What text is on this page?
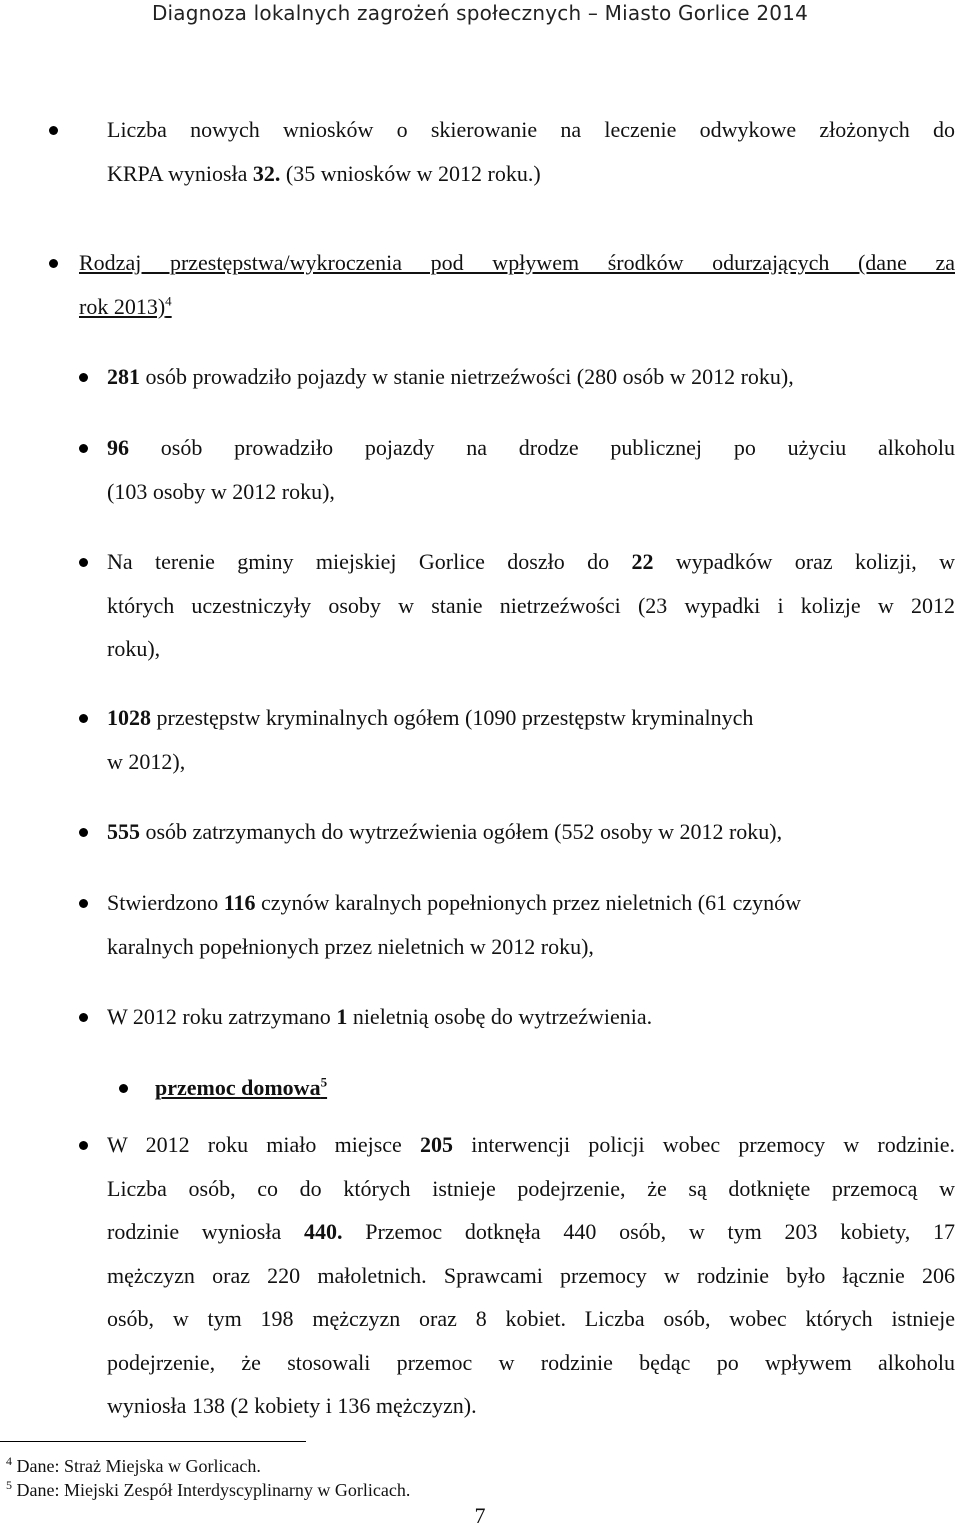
Diagnoza lokalnych zagrożeń społecznych – Miasto Gorlice 2014
Liczba nowych wniosków o skierowanie na leczenie odwykowe złożonych do
KRPA wyniosła 32. (35 wniosków w 2012 roku.)
Rodzaj przestępstwa/wykroczenia pod wpływem środków odurzających (dane za
rok 2013)$^4$
281 osób prowadziło pojazdy w stanie nietrzeźwości (280 osób w 2012 roku),
96 osób prowadziło pojazdy na drodze publicznej po użyciu alkoholu
(103 osoby w 2012 roku),
Na terenie gminy miejskiej Gorlice doszło do 22 wypadków oraz kolizji, w
których uczestniczyły osoby w stanie nietrzeźwości (23 wypadki i kolizje w 2012
roku),
1028 przestępstw kryminalnych ogółem (1090 przestępstw kryminalnych
w 2012),
555 osób zatrzymanych do wytrzeźwienia ogółem (552 osoby w 2012 roku),
Stwierdzono 116 czynów karalnych popełnionych przez nieletnich (61 czynów
karalnych popełnionych przez nieletnich w 2012 roku),
W 2012 roku zatrzymano 1 nieletnią osobę do wytrzeźwienia.
przemoc domowa$^5$
W 2012 roku miało miejsce 205 interwencji policji wobec przemocy w rodzinie.
Liczba osób, co do których istnieje podejrzenie, że są dotknięte przemocą w
rodzinie wyniosła 440. Przemoc dotknęła 440 osób, w tym 203 kobiety, 17
mężczyzn oraz 220 małoletnich. Sprawcami przemocy w rodzinie było łącznie 206
osób, w tym 198 mężczyzn oraz 8 kobiet. Liczba osób, wobec których istnieje
podejrzenie, że stosowali przemoc w rodzinie będąc po wpływem alkoholu
wyniosła 138 (2 kobiety i 136 mężczyzn).
$^4$ Dane: Straż Miejska w Gorlicach.
$^5$ Dane: Miejski Zespół Interdyscyplinarny w Gorlicach.
7
